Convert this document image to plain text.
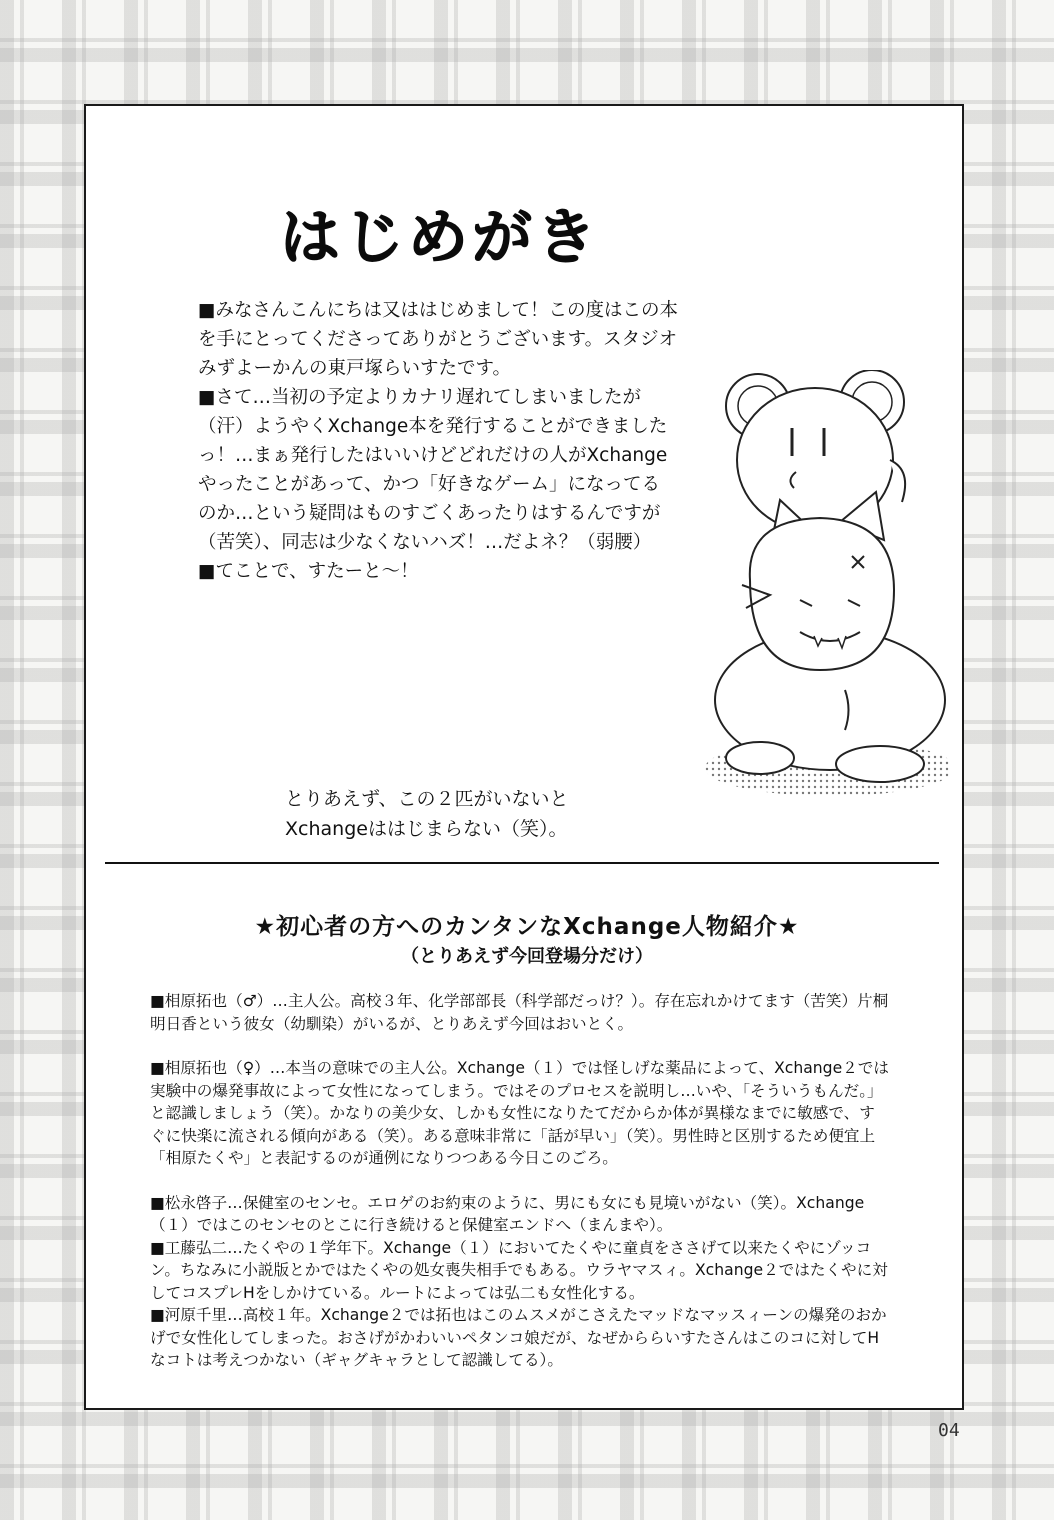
はじめがき

■みなさんこんにちは又ははじめまして！この度はこの本を手にとってくださってありがとうございます。スタジオみずよーかんの東戸塚らいすたです。

■さて…当初の予定よりカナリ遅れてしまいましたが（汗）ようやくXchange本を発行することができましたっ！…まぁ発行したはいいけどどれだけの人がXchangeやったことがあって、かつ「好きなゲーム」になってるのか…という疑問はものすごくあったりはするんですが（苦笑）、同志は少なくないハズ！…だよネ？（弱腰）

■てことで、すたーと～！

とりあえず、この２匹がいないと
Xchangeははじまらない（笑）。
★初心者の方へのカンタンなXchange人物紹介★
（とりあえず今回登場分だけ）

■相原拓也（♂）…主人公。高校３年、化学部部長（科学部だっけ？）。存在忘れかけてます（苦笑）片桐明日香という彼女（幼馴染）がいるが、とりあえず今回はおいとく。

■相原拓也（♀）…本当の意味での主人公。Xchange（１）では怪しげな薬品によって、Xchange２では実験中の爆発事故によって女性になってしまう。ではそのプロセスを説明し…いや、「そういうもんだ。」と認識しましょう（笑）。かなりの美少女、しかも女性になりたてだからか体が異様なまでに敏感で、すぐに快楽に流される傾向がある（笑）。ある意味非常に「話が早い」（笑）。男性時と区別するため便宜上「相原たくや」と表記するのが通例になりつつある今日このごろ。

■松永啓子…保健室のセンセ。エロゲのお約束のように、男にも女にも見境いがない（笑）。Xchange（１）ではこのセンセのとこに行き続けると保健室エンドへ（まんまや）。

■工藤弘二…たくやの１学年下。Xchange（１）においてたくやに童貞をささげて以来たくやにゾッコン。ちなみに小説版とかではたくやの処女喪失相手でもある。ウラヤマスィ。Xchange２ではたくやに対してコスプレHをしかけている。ルートによっては弘二も女性化する。

■河原千里…高校１年。Xchange２では拓也はこのムスメがこさえたマッドなマッスィーンの爆発のおかげで女性化してしまった。おさげがかわいいペタンコ娘だが、なぜかららいすたさんはこのコに対してHなコトは考えつかない（ギャグキャラとして認識してる）。

04
